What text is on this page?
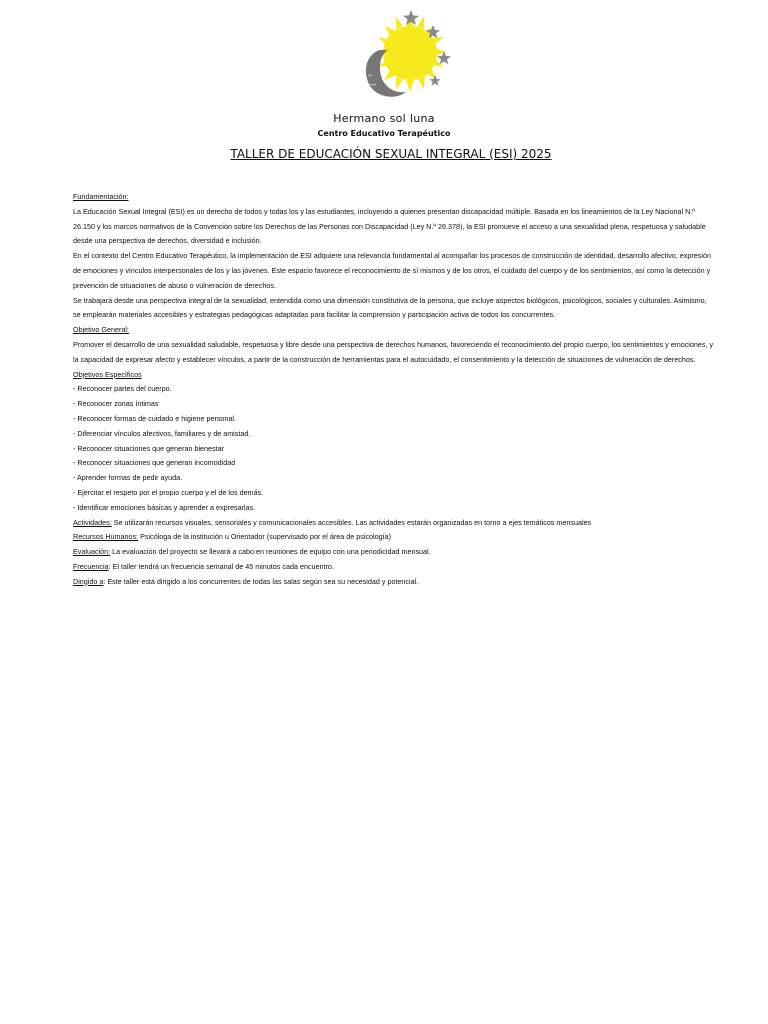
Hermano sol luna
Centro Educativo Terapéutico
TALLER DE EDUCACIÓN SEXUAL INTEGRAL (ESI) 2025

Fundamentación:

La Educación Sexual Integral (ESI) es un derecho de todos y todas los y las estudiantes, incluyendo a quienes presentan discapacidad múltiple. Basada en los lineamientos de la Ley Nacional N.º 26.150 y los marcos normativos de la Convención sobre los Derechos de las Personas con Discapacidad (Ley N.º 26.378), la ESI promueve el acceso a una sexualidad plena, respetuosa y saludable desde una perspectiva de derechos, diversidad e inclusión.

En el contexto del Centro Educativo Terapéutico, la implementación de ESI adquiere una relevancia fundamental al acompañar los procesos de construcción de identidad, desarrollo afectivo, expresión de emociones y vínculos interpersonales de los y las jóvenes. Este espacio favorece el reconocimiento de sí mismos y de los otros, el cuidado del cuerpo y de los sentimientos, así como la detección y prevención de situaciones de abuso o vulneración de derechos.

Se trabajará desde una perspectiva integral de la sexualidad, entendida como una dimensión constitutiva de la persona, que incluye aspectos biológicos, psicológicos, sociales y culturales. Asimismo, se emplearán materiales accesibles y estrategias pedagógicas adaptadas para facilitar la comprensión y participación activa de todos los concurrentes.

Objetivo General:

Promover el desarrollo de una sexualidad saludable, respetuosa y libre desde una perspectiva de derechos humanos, favoreciendo el reconocimiento del propio cuerpo, los sentimientos y emociones, y la capacidad de expresar afecto y establecer vínculos, a partir de la construcción de herramientas para el autocuidado, el consentimiento y la detección de situaciones de vulneración de derechos.

Objetivos Específicos

- Reconocer partes del cuerpo.

- Reconocer zonas íntimas

- Reconocer formas de cuidado e higiene personal.

- Diferenciar vínculos afectivos, familiares y de amistad.

- Reconocer situaciones que generan bienestar

- Reconocer situaciones que generan incomodidad

- Aprender formas de pedir ayuda.

- Ejercitar el respeto por el propio cuerpo y el de los demás.

- Identificar emociones básicas y aprender a expresarlas.

Actividades: Se utilizarán recursos visuales, sensoriales y comunicacionales accesibles. Las actividades estarán organizadas en torno a ejes temáticos mensuales

Recursos Humanos: Psicóloga de la institución u Orientador (supervisado por el área de psicología)

Evaluación: La evaluación del proyecto se llevará a cabo en reuniones de equipo con una periodicidad mensual.

Frecuencia: El taller tendrá un frecuencia semanal de 45 minutos cada encuentro.

Dirigido a: Este taller está dirigido a los concurrentes de todas las salas según sea su necesidad y potencial.
